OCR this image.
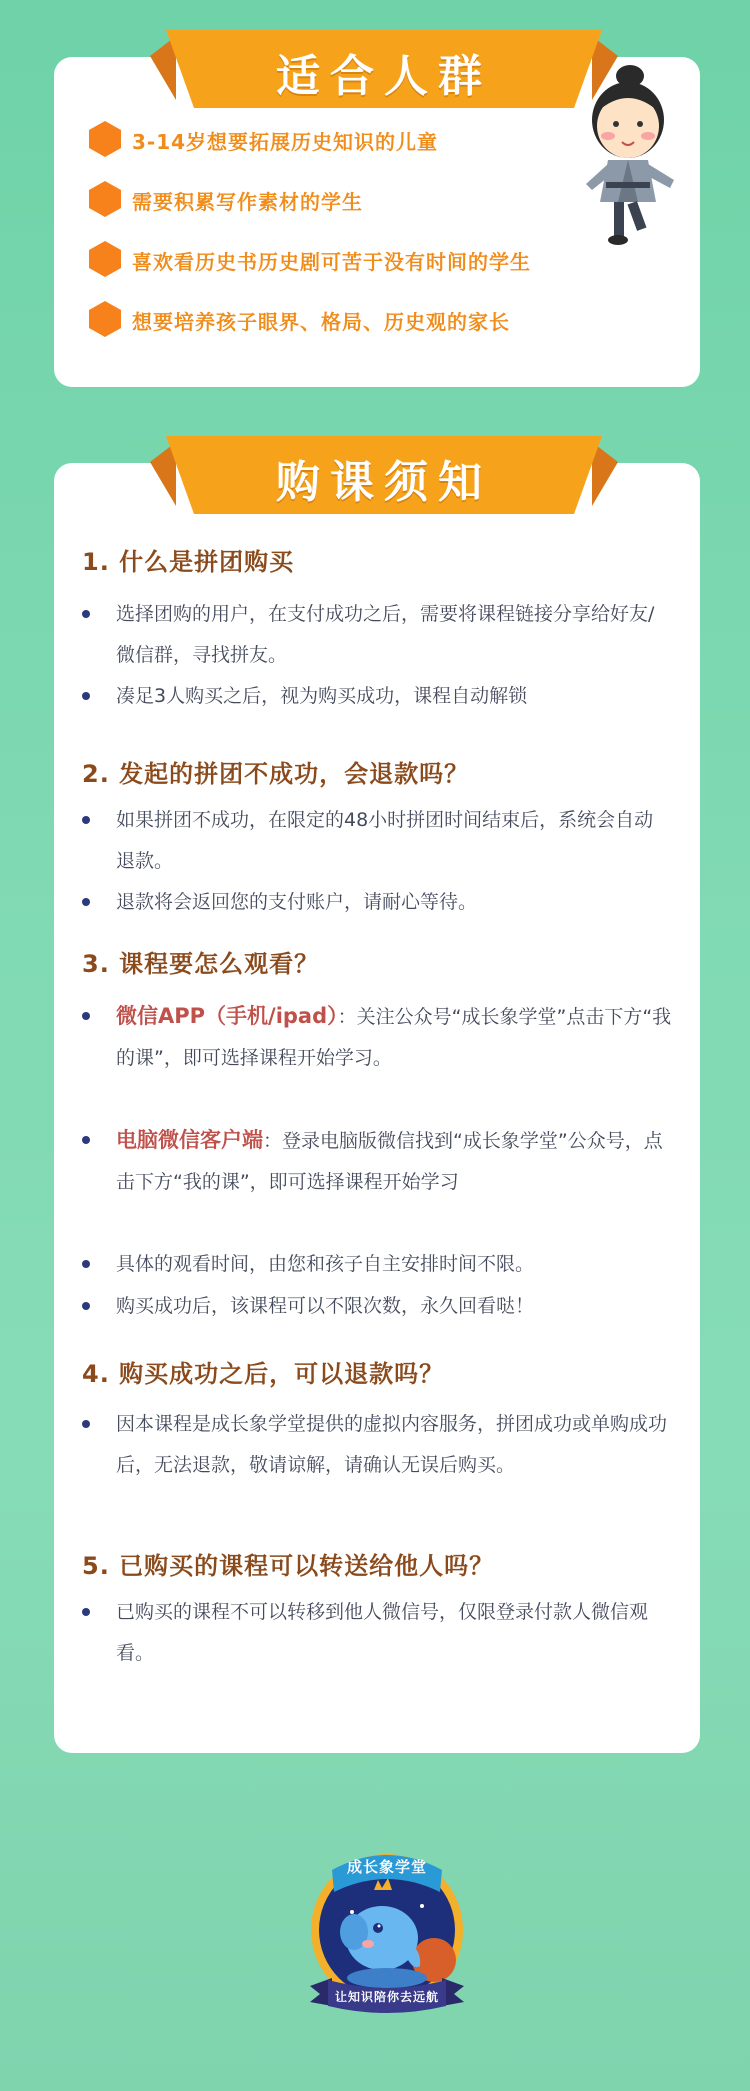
适合人群
3-14岁想要拓展历史知识的儿童
需要积累写作素材的学生
喜欢看历史书历史剧可苦于没有时间的学生
想要培养孩子眼界、格局、历史观的家长
购课须知
1. 什么是拼团购买
选择团购的用户，在支付成功之后，需要将课程链接分享给好友/微信群，寻找拼友。
凑足3人购买之后，视为购买成功，课程自动解锁
2. 发起的拼团不成功，会退款吗？
如果拼团不成功，在限定的48小时拼团时间结束后，系统会自动退款。
退款将会返回您的支付账户，请耐心等待。
3. 课程要怎么观看？
微信APP（手机/ipad）：关注公众号“成长象学堂”点击下方“我的课”，即可选择课程开始学习。
电脑微信客户端：登录电脑版微信找到“成长象学堂”公众号，点击下方“我的课”，即可选择课程开始学习
具体的观看时间，由您和孩子自主安排时间不限。
购买成功后，该课程可以不限次数，永久回看哒！
4. 购买成功之后，可以退款吗？
因本课程是成长象学堂提供的虚拟内容服务，拼团成功或单购成功后，无法退款，敬请谅解，请确认无误后购买。
5. 已购买的课程可以转送给他人吗？
已购买的课程不可以转移到他人微信号，仅限登录付款人微信观看。
成长象学堂
让知识陪你去远航
